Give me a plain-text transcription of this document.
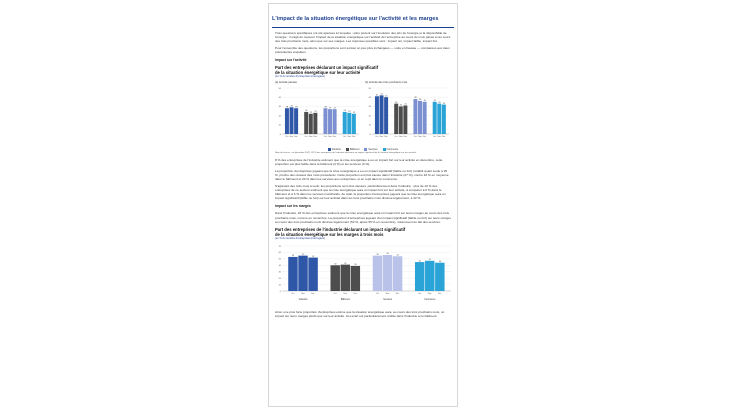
L'impact de la situation énergétique sur l'activité et les marges

Trois questions spécifiques ont été ajoutées à l'enquête : elles portent sur l'évolution des prix de l'énergie et la disponibilité de l'énergie ; il s'agit de mesurer l'impact de la situation énergétique sur l'activité de l'entreprise au cours du mois passé et au cours des trois prochains mois, ainsi que sur ses marges. Les réponses possibles sont : impact nul, impact faible, impact fort.

Pour l'ensemble des questions, les proportions sont surtout un peu plus inchangées — voire en hausse — comparées aux deux précédentes enquêtes.

Impact sur l'activité
Part des entreprises déclarant un impact significatif
de la situation énergétique sur leur activité
(en % du nombre d'entreprises interrogées)
(a) Activité passée
0
10
20
30
40
50
28
Oct.
29
Nov.
28
Déc.
24
Oct.
22
Nov.
23
Déc.
28
Oct.
27
Nov.
27
Déc.
24
Oct.
23
Nov.
22
Déc.
(b) Activité des trois prochains mois
0
10
20
30
40
50
41
Oct.
42
Nov.
40
Déc.
33
Oct.
30
Nov.
31
Déc.
38
Oct.
36
Nov.
35
Déc.
35
Oct.
33
Nov.
32
Déc.
Industrie	Bâtiment	Services	Commerce
Note de lecture : en décembre 2022, 28 % des entreprises de l'industrie déclarent un impact significatif de la situation énergétique sur leur activité.

8 % des entreprises de l'industrie estiment que la crise énergétique a eu un impact fort sur leur activité en décembre, cette proportion est plus faible dans le bâtiment (4 %) et les services (3 %).

La proportion d'entreprises jugeant que la crise énergétique a eu un impact significatif (faible ou fort) s'établit quant à elle à 25 %, proche des niveaux des mois précédents. Cette proportion est plus élevée dans l'industrie (27 %), contre 18 % en moyenne dans le bâtiment et 20 % dans les services aux entreprises, et en repli dans le commerce.

S'agissant des trois mois à venir, les proportions sont plus élevées, particulièrement dans l'industrie : plus de 10 % des entreprises de ce secteur estiment que la crise énergétique aura un impact fort sur leur activité, à comparer à 6 % dans le bâtiment et à 6 % dans les services marchands. Au total, la proportion d'entreprises jugeant que la crise énergétique aura un impact significatif (faible ou fort) sur leur activité dans les trois prochains mois diminue légèrement, à 32 %.

Impact sur les marges

Dans l'industrie, 26 % des entreprises estiment que la crise énergétique aura un impact fort sur leurs marges au cours des trois prochains mois, comme en novembre. La proportion d'entreprises jugeant d'un impact significatif (faible ou fort) sur leurs marges au cours des trois prochains mois diminue légèrement (52 %, après 55 % en novembre), notamment du fait des services.

Part des entreprises de l'industrie déclarant un impact significatif
de la situation énergétique sur les marges à trois mois
(en % du nombre d'entreprises interrogées)
0
10
20
30
40
50
60
70
53
Oct.
55
Nov.
52
Déc.
Industrie
40
Oct.
41
Nov.
39
Déc.
Bâtiment
55
Oct.
56
Nov.
54
Déc.
Services
45
Oct.
47
Nov.
44
Déc.
Commerce

Ainsi, une plus forte proportion d'entreprises estime que la situation énergétique aura, au cours des trois prochains mois, un impact sur leurs marges plutôt que sur leur activité. Cet écart est particulièrement visible dans l'industrie et le bâtiment.
